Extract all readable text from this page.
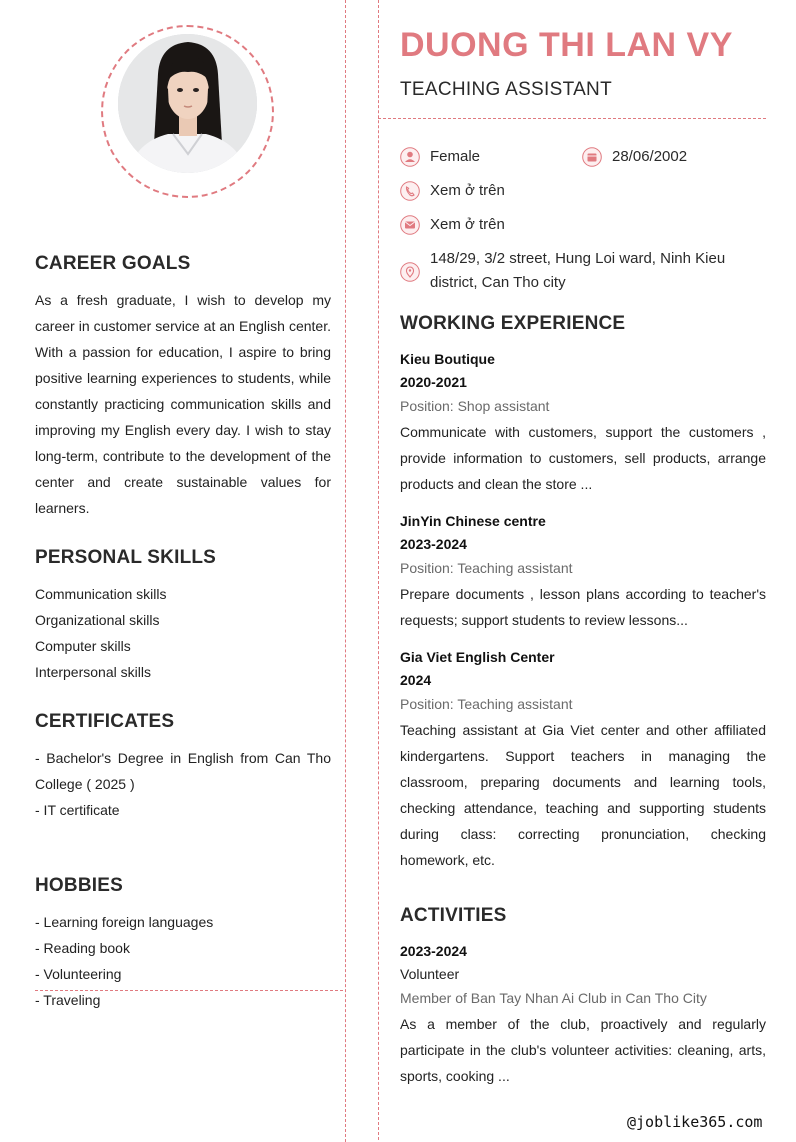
CAREER GOALS
As a fresh graduate, I wish to develop my career in customer service at an English center. With a passion for education, I aspire to bring positive learning experiences to students, while constantly practicing communication skills and improving my English every day. I wish to stay long-term, contribute to the development of the center and create sustainable values for learners.
PERSONAL SKILLS
Communication skills
Organizational skills
Computer skills
Interpersonal skills
CERTIFICATES
- Bachelor's Degree in English from Can Tho College ( 2025 )
- IT certificate
HOBBIES
- Learning foreign languages
- Reading book
- Volunteering
- Traveling
DUONG THI LAN VY
TEACHING ASSISTANT
Female	28/06/2002
Xem ở trên
Xem ở trên
148/29, 3/2 street, Hung Loi ward, Ninh Kieu district, Can Tho city
WORKING EXPERIENCE
Kieu Boutique
2020-2021
Position: Shop assistant
Communicate with customers, support the customers , provide information to customers, sell products, arrange products and clean the store ...
JinYin Chinese centre
2023-2024
Position: Teaching assistant
Prepare documents , lesson plans according to teacher's requests; support students to review lessons...
Gia Viet English Center
2024
Position: Teaching assistant
Teaching assistant at Gia Viet center and other affiliated kindergartens. Support teachers in managing the classroom, preparing documents and learning tools, checking attendance, teaching and supporting students during class: correcting pronunciation, checking homework, etc.
ACTIVITIES
2023-2024
Volunteer
Member of Ban Tay Nhan Ai Club in Can Tho City
As a member of the club, proactively and regularly participate in the club's volunteer activities: cleaning, arts, sports, cooking ...
@joblike365.com
